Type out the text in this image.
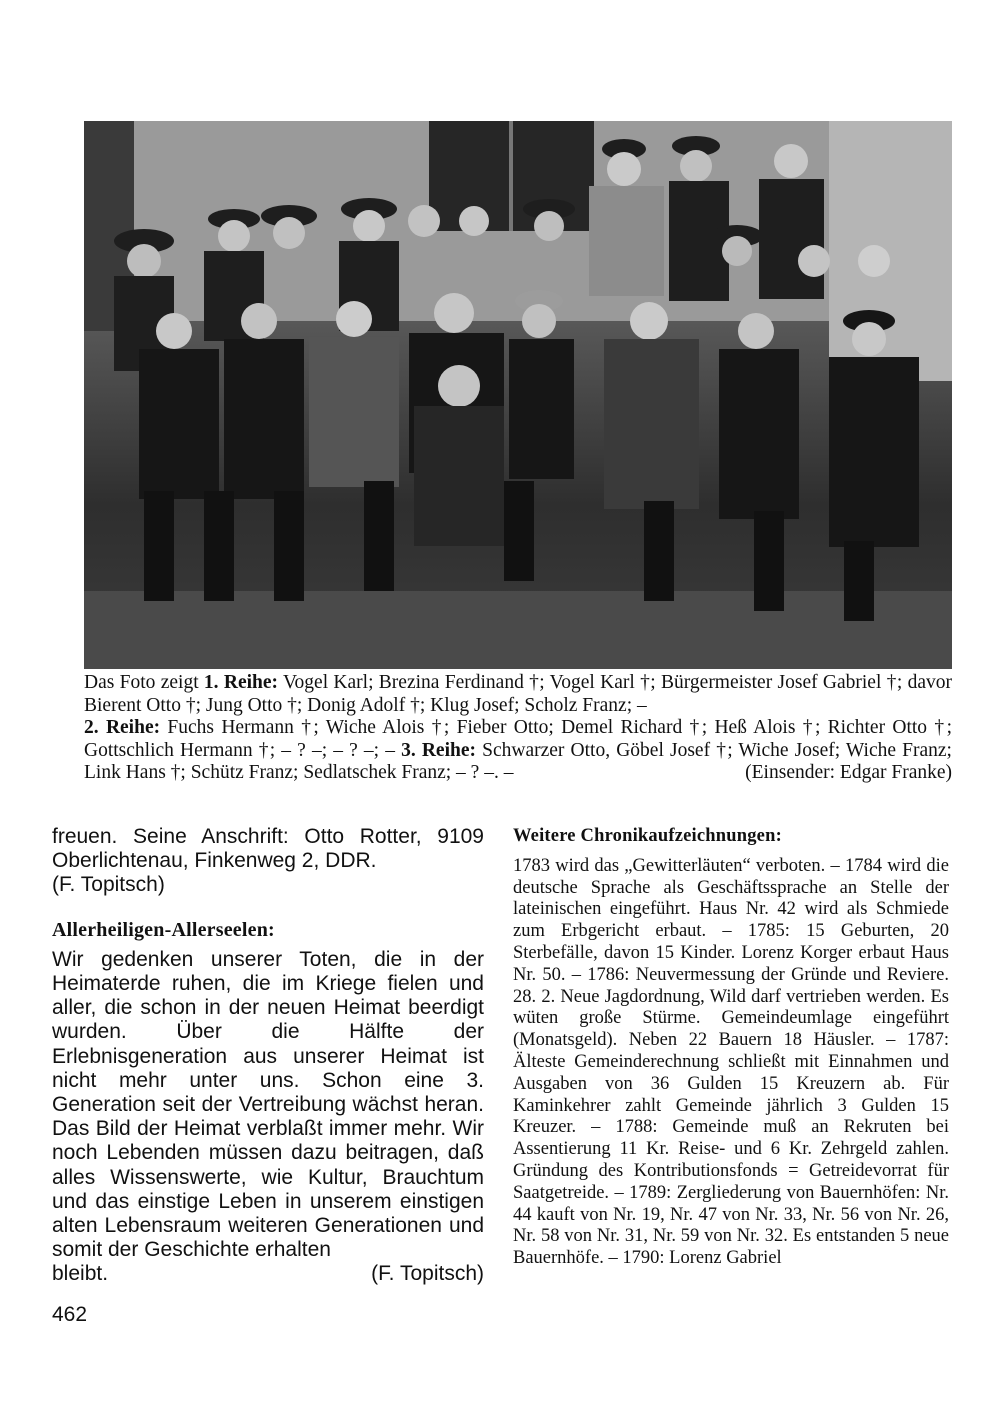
Das Foto zeigt 1. Reihe: Vogel Karl; Brezina Ferdinand †; Vogel Karl †; Bürgermeister Josef Gabriel †; davor Bierent Otto †; Jung Otto †; Donig Adolf †; Klug Josef; Scholz Franz; –
2. Reihe: Fuchs Hermann †; Wiche Alois †; Fieber Otto; Demel Richard †; Heß Alois †; Richter Otto †; Gottschlich Hermann †; – ? –; – ? –; – 3. Reihe: Schwarzer Otto, Göbel Josef †; Wiche Josef; Wiche Franz; Link Hans †; Schütz Franz; Sedlatschek Franz; – ? –. –	(Einsender: Edgar Franke)

freuen. Seine Anschrift: Otto Rotter, 9109 Oberlichtenau, Finkenweg 2, DDR.

(F. Topitsch)

Allerheiligen-Allerseelen:

Wir gedenken unserer Toten, die in der Heimaterde ruhen, die im Kriege fielen und aller, die schon in der neuen Heimat beerdigt wurden. Über die Hälfte der Erlebnisgeneration aus unserer Heimat ist nicht mehr unter uns. Schon eine 3. Generation seit der Vertreibung wächst heran. Das Bild der Heimat verblaßt immer mehr. Wir noch Lebenden müssen dazu beitragen, daß alles Wissenswerte, wie Kultur, Brauchtum und das einstige Leben in unserem einstigen alten Lebensraum weiteren Generationen und somit der Geschichte erhalten

bleibt.	(F. Topitsch)
Weitere Chronikaufzeichnungen:

1783 wird das „Gewitterläuten“ verboten. – 1784 wird die deutsche Sprache als Geschäftssprache an Stelle der lateinischen eingeführt. Haus Nr. 42 wird als Schmiede zum Erbgericht erbaut. – 1785: 15 Geburten, 20 Sterbefälle, davon 15 Kinder. Lorenz Korger erbaut Haus Nr. 50. – 1786: Neuvermessung der Gründe und Reviere. 28. 2. Neue Jagdordnung, Wild darf vertrieben werden. Es wüten große Stürme. Gemeindeumlage eingeführt (Monatsgeld). Neben 22 Bauern 18 Häusler. – 1787: Älteste Gemeinderechnung schließt mit Einnahmen und Ausgaben von 36 Gulden 15 Kreuzern ab. Für Kaminkehrer zahlt Gemeinde jährlich 3 Gulden 15 Kreuzer. – 1788: Gemeinde muß an Rekruten bei Assentierung 11 Kr. Reise- und 6 Kr. Zehrgeld zahlen. Gründung des Kontributionsfonds = Getreidevorrat für Saatgetreide. – 1789: Zergliederung von Bauernhöfen: Nr. 44 kauft von Nr. 19, Nr. 47 von Nr. 33, Nr. 56 von Nr. 26, Nr. 58 von Nr. 31, Nr. 59 von Nr. 32. Es entstanden 5 neue Bauernhöfe. – 1790: Lorenz Gabriel

462
